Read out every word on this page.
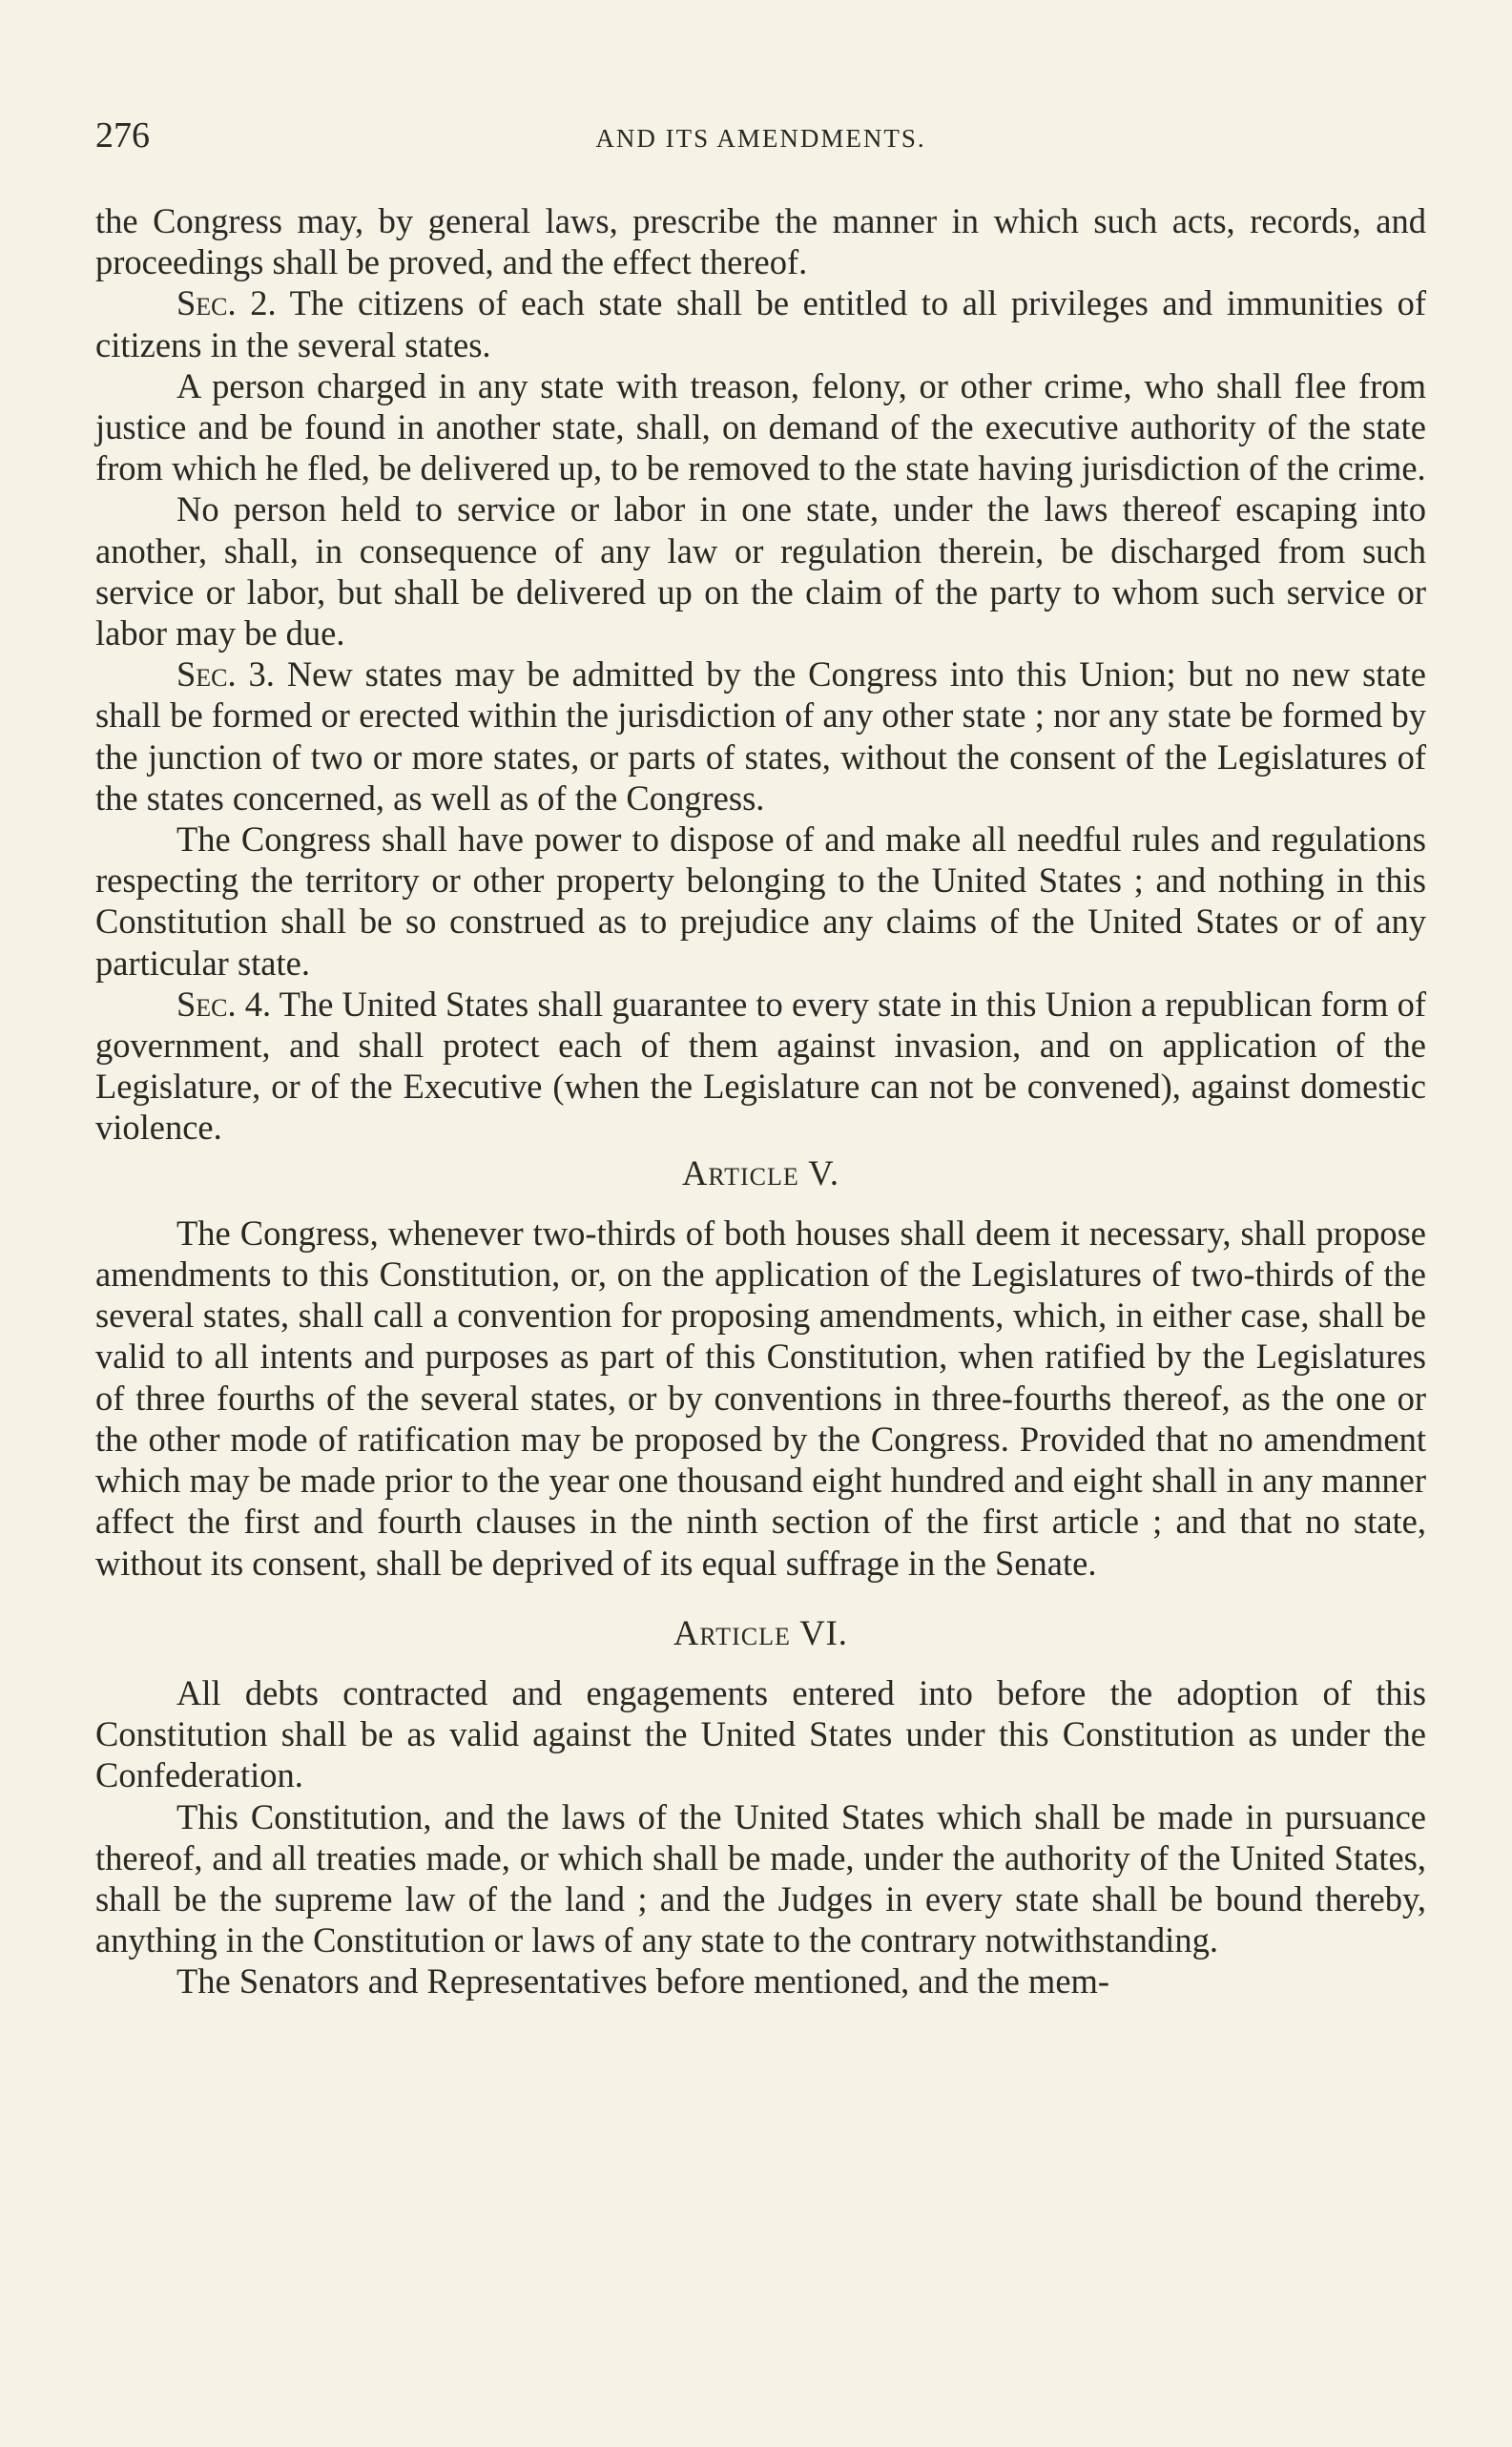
276	AND ITS AMENDMENTS.

the Congress may, by general laws, prescribe the manner in which such acts, records, and proceedings shall be proved, and the effect thereof.

Sec. 2. The citizens of each state shall be entitled to all privileges and immunities of citizens in the several states.

A person charged in any state with treason, felony, or other crime, who shall flee from justice and be found in another state, shall, on demand of the executive authority of the state from which he fled, be delivered up, to be removed to the state having jurisdiction of the crime.

No person held to service or labor in one state, under the laws thereof escaping into another, shall, in consequence of any law or regulation therein, be discharged from such service or labor, but shall be delivered up on the claim of the party to whom such service or labor may be due.

Sec. 3. New states may be admitted by the Congress into this Union; but no new state shall be formed or erected within the jurisdiction of any other state ; nor any state be formed by the junction of two or more states, or parts of states, without the consent of the Legislatures of the states concerned, as well as of the Congress.

The Congress shall have power to dispose of and make all needful rules and regulations respecting the territory or other property belonging to the United States ; and nothing in this Constitution shall be so construed as to prejudice any claims of the United States or of any particular state.

Sec. 4. The United States shall guarantee to every state in this Union a republican form of government, and shall protect each of them against invasion, and on application of the Legislature, or of the Executive (when the Legislature can not be convened), against domestic violence.

Article V.

The Congress, whenever two-thirds of both houses shall deem it necessary, shall propose amendments to this Constitution, or, on the application of the Legislatures of two-thirds of the several states, shall call a convention for proposing amendments, which, in either case, shall be valid to all intents and purposes as part of this Constitution, when ratified by the Legislatures of three fourths of the several states, or by conventions in three-fourths thereof, as the one or the other mode of ratification may be proposed by the Congress. Provided that no amendment which may be made prior to the year one thousand eight hundred and eight shall in any manner affect the first and fourth clauses in the ninth section of the first article ; and that no state, without its consent, shall be deprived of its equal suffrage in the Senate.

Article VI.

All debts contracted and engagements entered into before the adoption of this Constitution shall be as valid against the United States under this Constitution as under the Confederation.

This Constitution, and the laws of the United States which shall be made in pursuance thereof, and all treaties made, or which shall be made, under the authority of the United States, shall be the supreme law of the land ; and the Judges in every state shall be bound thereby, anything in the Constitution or laws of any state to the contrary notwithstanding.

The Senators and Representatives before mentioned, and the mem-
